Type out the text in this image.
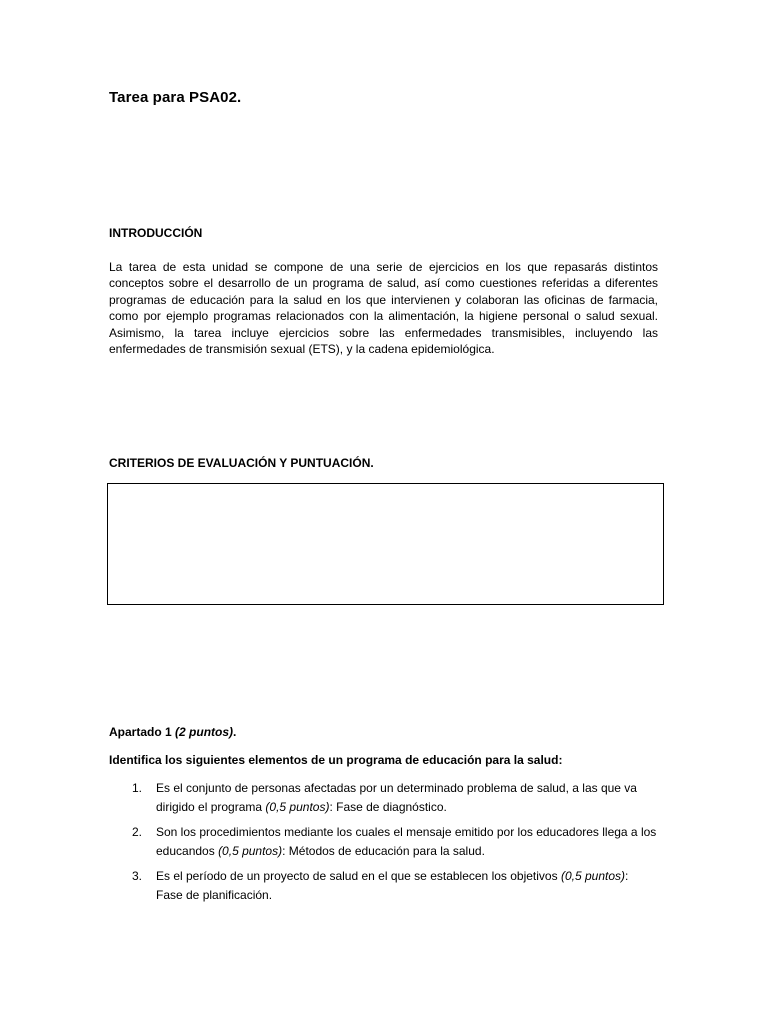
Tarea para PSA02.
INTRODUCCIÓN

La tarea de esta unidad se compone de una serie de ejercicios en los que repasarás distintos conceptos sobre el desarrollo de un programa de salud, así como cuestiones referidas a diferentes programas de educación para la salud en los que intervienen y colaboran las oficinas de farmacia, como por ejemplo programas relacionados con la alimentación, la higiene personal o salud sexual. Asimismo, la tarea incluye ejercicios sobre las enfermedades transmisibles, incluyendo las enfermedades de transmisión sexual (ETS), y la cadena epidemiológica.

CRITERIOS DE EVALUACIÓN Y PUNTUACIÓN.

Apartado 1 (2 puntos).

Identifica los siguientes elementos de un programa de educación para la salud:

1. Es el conjunto de personas afectadas por un determinado problema de salud, a las que va dirigido el programa (0,5 puntos): Fase de diagnóstico.
2. Son los procedimientos mediante los cuales el mensaje emitido por los educadores llega a los educandos (0,5 puntos): Métodos de educación para la salud.
3. Es el período de un proyecto de salud en el que se establecen los objetivos (0,5 puntos): Fase de planificación.
